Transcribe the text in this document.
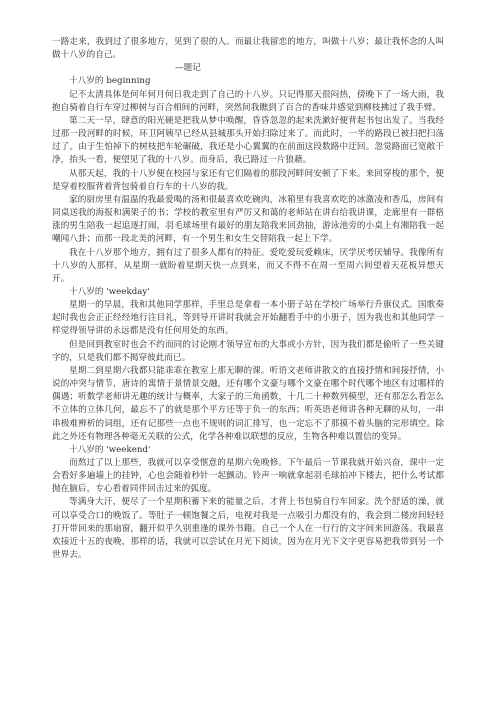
一路走来，我到过了很多地方，见到了很的人。而最让我留恋的地方，叫做十八岁；最让我怀念的人叫做十八岁的自己。

—题记

十八岁的 beginning

记不太清具体是何年何月何日我走到了自己的十八岁。只记得那天很闷热，傍晚下了一场大雨，我抱自骑着自行车穿过柳树与百合相间的河畔，突然间我瞧到了百合的香味并感觉到柳枝拂过了我手臂。

第二天一早，肆意的阳光硬是把我从梦中唤醒，昏昏忽忽的起来洗漱好便背起书包出发了。当我经过那一段河畔的时候，环卫阿姨早已经从县城那头开始扫除过来了。而此时，一半的路段已被扫把扫荡过了。由于生怕掉下的树枝把车轮碾破，我还是小心翼翼的在前面这段数路中迂回。忽觉路面已宽敞干净，抬头一看，便望见了我的十八岁。而身后，我已路过一片狼藉。

从那天起，我的十八岁便在校园与家还有它们隔着的那段河畔间安顿了下来。来回穿梭的那个，便是穿着校服背着背包骑着自行车的十八岁的我。

家的厨房里有温温的我最爱喝的汤和很最喜欢吃碗肉，冰箱里有我喜欢吃的冰激凌和香瓜，房间有同桌送我的海报和满架子的书；学校的教室里有严厉又和蔼的老师站在讲台给我讲课，走廊里有一群格涨的男生陪我一起追逐打闹，羽毛球场里有最好的朋友陪我来回劲抽，游泳池旁的小桌上有湘陪我一起嘲闻八卦；而那一段北美的河畔，有一个男生和女生交替陪我一起上下学。

我在十八岁那个地方，拥有过了很多人都有的特征。爱吃爱玩爱赖床，厌学厌考厌辅导。我像所有十八岁的人那样，从星期一就盼着星期天快一点到来，而又不得不在周一至周六间望着天花板异想天开。

十八岁的 'weekday'

星期一的早晨，我和其他同学那样，手里总是拿着一本小册子站在学校广场举行升旗仪式。国歌奏起时我也会正正经经地行注目礼，等到导开讲时我就会开始翻看手中的小册子，因为我也和其他同学一样觉得领导讲的永远都是没有任何用处的东西。

但是回到教室时也会不约而同的讨论刚才领导宣布的大事或小方针，因为我们都是偷听了一些关键字的，只是我们都不揭穿彼此而已。

星期二到星期六我都只能乖乖在教室上那无聊的课。听语文老师讲散文的直接抒情和间接抒情，小说的冲突与情节，唐诗的寓情于景情景交融，还有哪个文豪与哪个文豪在哪个时代哪个地区有过哪样的偶遇；听数学老师讲无趣的统计与概率，大家子的三角函数，十几二十种数列模型，还有那怎么看怎么不立体的立体几何，最忘不了的就是那个平方还等于负一的东西；听英语老师讲各种无聊的从句，一串串极难辨析的词组，还有记那些一点也不规则的词汇排写，也一定忘不了那摸不着头脑的完形填空。除此之外还有物理各种毫无关联的公式，化学各种难以联想的反应，生物各种难以置信的变异。

十八岁的 'weekend'

而熬过了以上那些，我就可以享受惬意的星期六免晚修。下午最后一节课我就开始兴奋，课中一定会看好多遍墙上的挂钟，心也会随着秒针一起颤动。铃声一响就拿起羽毛球拍冲下楼去，把什么考试都抛在脑后，专心看着同伴回击过来的弧度。

等满身大汗，便尽了一个星期积蓄下来的能量之后，才背上书包骑自行车回家。洗个舒适的澡，就可以享受合口的晚饭了。等肚子一顿饱餐之后，电视对我是一点吸引力都没有的，我会到二楼房间轻轻打开带回来的那扇窗，翻开似乎久别重逢的课外书籍。自己一个人在一行行的文字间来回游荡。我最喜欢接近十五的夜晚，那样的话，我就可以尝试在月光下阅读，因为在月光下文字更容易把我带到另一个世界去。
